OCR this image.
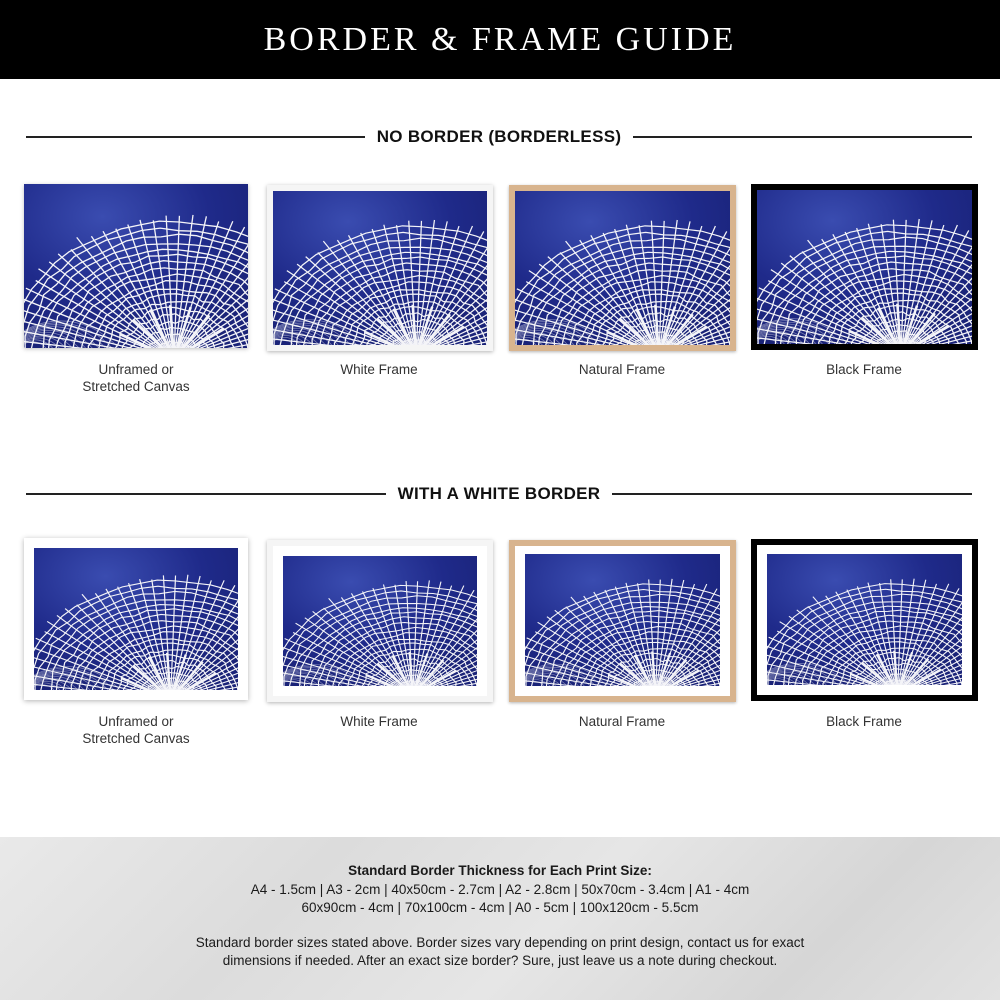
BORDER & FRAME GUIDE
NO BORDER (BORDERLESS)
Unframed or
Stretched Canvas
White Frame	Natural Frame	Black Frame
WITH A WHITE BORDER
Unframed or
Stretched Canvas
White Frame	Natural Frame	Black Frame
Standard Border Thickness for Each Print Size:
A4 - 1.5cm | A3 - 2cm | 40x50cm - 2.7cm | A2 - 2.8cm | 50x70cm - 3.4cm | A1 - 4cm
60x90cm - 4cm | 70x100cm - 4cm | A0 - 5cm | 100x120cm - 5.5cm
Standard border sizes stated above. Border sizes vary depending on print design, contact us for exact
dimensions if needed. After an exact size border? Sure, just leave us a note during checkout.
